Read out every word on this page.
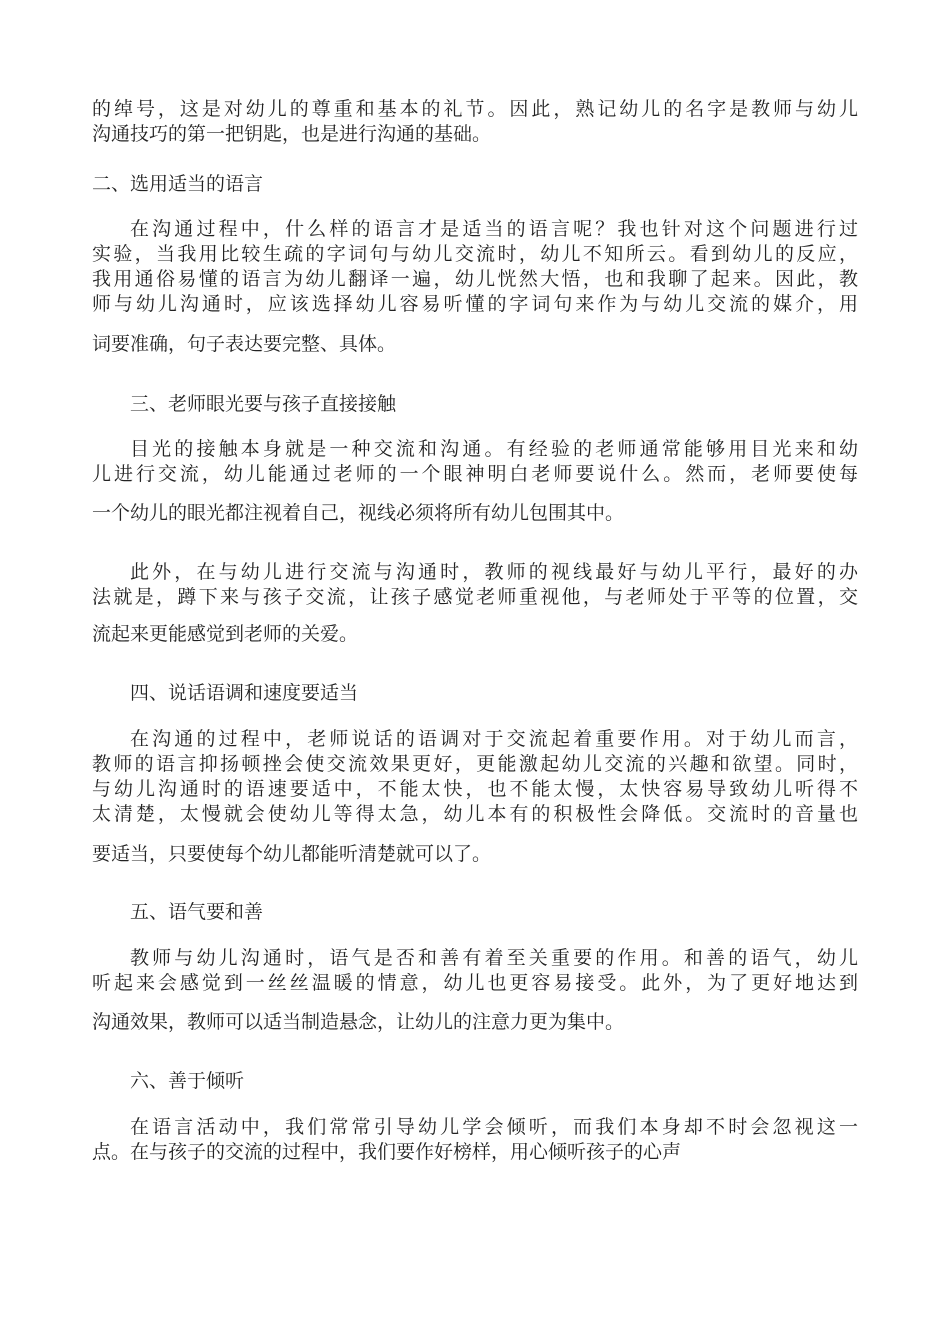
的绰号，这是对幼儿的尊重和基本的礼节。因此，熟记幼儿的名字是教师与幼儿
沟通技巧的第一把钥匙，也是进行沟通的基础。
二、选用适当的语言
在沟通过程中，什么样的语言才是适当的语言呢？我也针对这个问题进行过
实验，当我用比较生疏的字词句与幼儿交流时，幼儿不知所云。看到幼儿的反应，
我用通俗易懂的语言为幼儿翻译一遍，幼儿恍然大悟，也和我聊了起来。因此，教
师与幼儿沟通时，应该选择幼儿容易听懂的字词句来作为与幼儿交流的媒介，用
词要准确，句子表达要完整、具体。
三、老师眼光要与孩子直接接触
目光的接触本身就是一种交流和沟通。有经验的老师通常能够用目光来和幼
儿进行交流，幼儿能通过老师的一个眼神明白老师要说什么。然而，老师要使每
一个幼儿的眼光都注视着自己，视线必须将所有幼儿包围其中。
此外，在与幼儿进行交流与沟通时，教师的视线最好与幼儿平行，最好的办
法就是，蹲下来与孩子交流，让孩子感觉老师重视他，与老师处于平等的位置，交
流起来更能感觉到老师的关爱。
四、说话语调和速度要适当
在沟通的过程中，老师说话的语调对于交流起着重要作用。对于幼儿而言，
教师的语言抑扬顿挫会使交流效果更好，更能激起幼儿交流的兴趣和欲望。同时，
与幼儿沟通时的语速要适中，不能太快，也不能太慢，太快容易导致幼儿听得不
太清楚，太慢就会使幼儿等得太急，幼儿本有的积极性会降低。交流时的音量也
要适当，只要使每个幼儿都能听清楚就可以了。
五、语气要和善
教师与幼儿沟通时，语气是否和善有着至关重要的作用。和善的语气，幼儿
听起来会感觉到一丝丝温暖的情意，幼儿也更容易接受。此外，为了更好地达到
沟通效果，教师可以适当制造悬念，让幼儿的注意力更为集中。
六、善于倾听
在语言活动中，我们常常引导幼儿学会倾听，而我们本身却不时会忽视这一
点。在与孩子的交流的过程中，我们要作好榜样，用心倾听孩子的心声
